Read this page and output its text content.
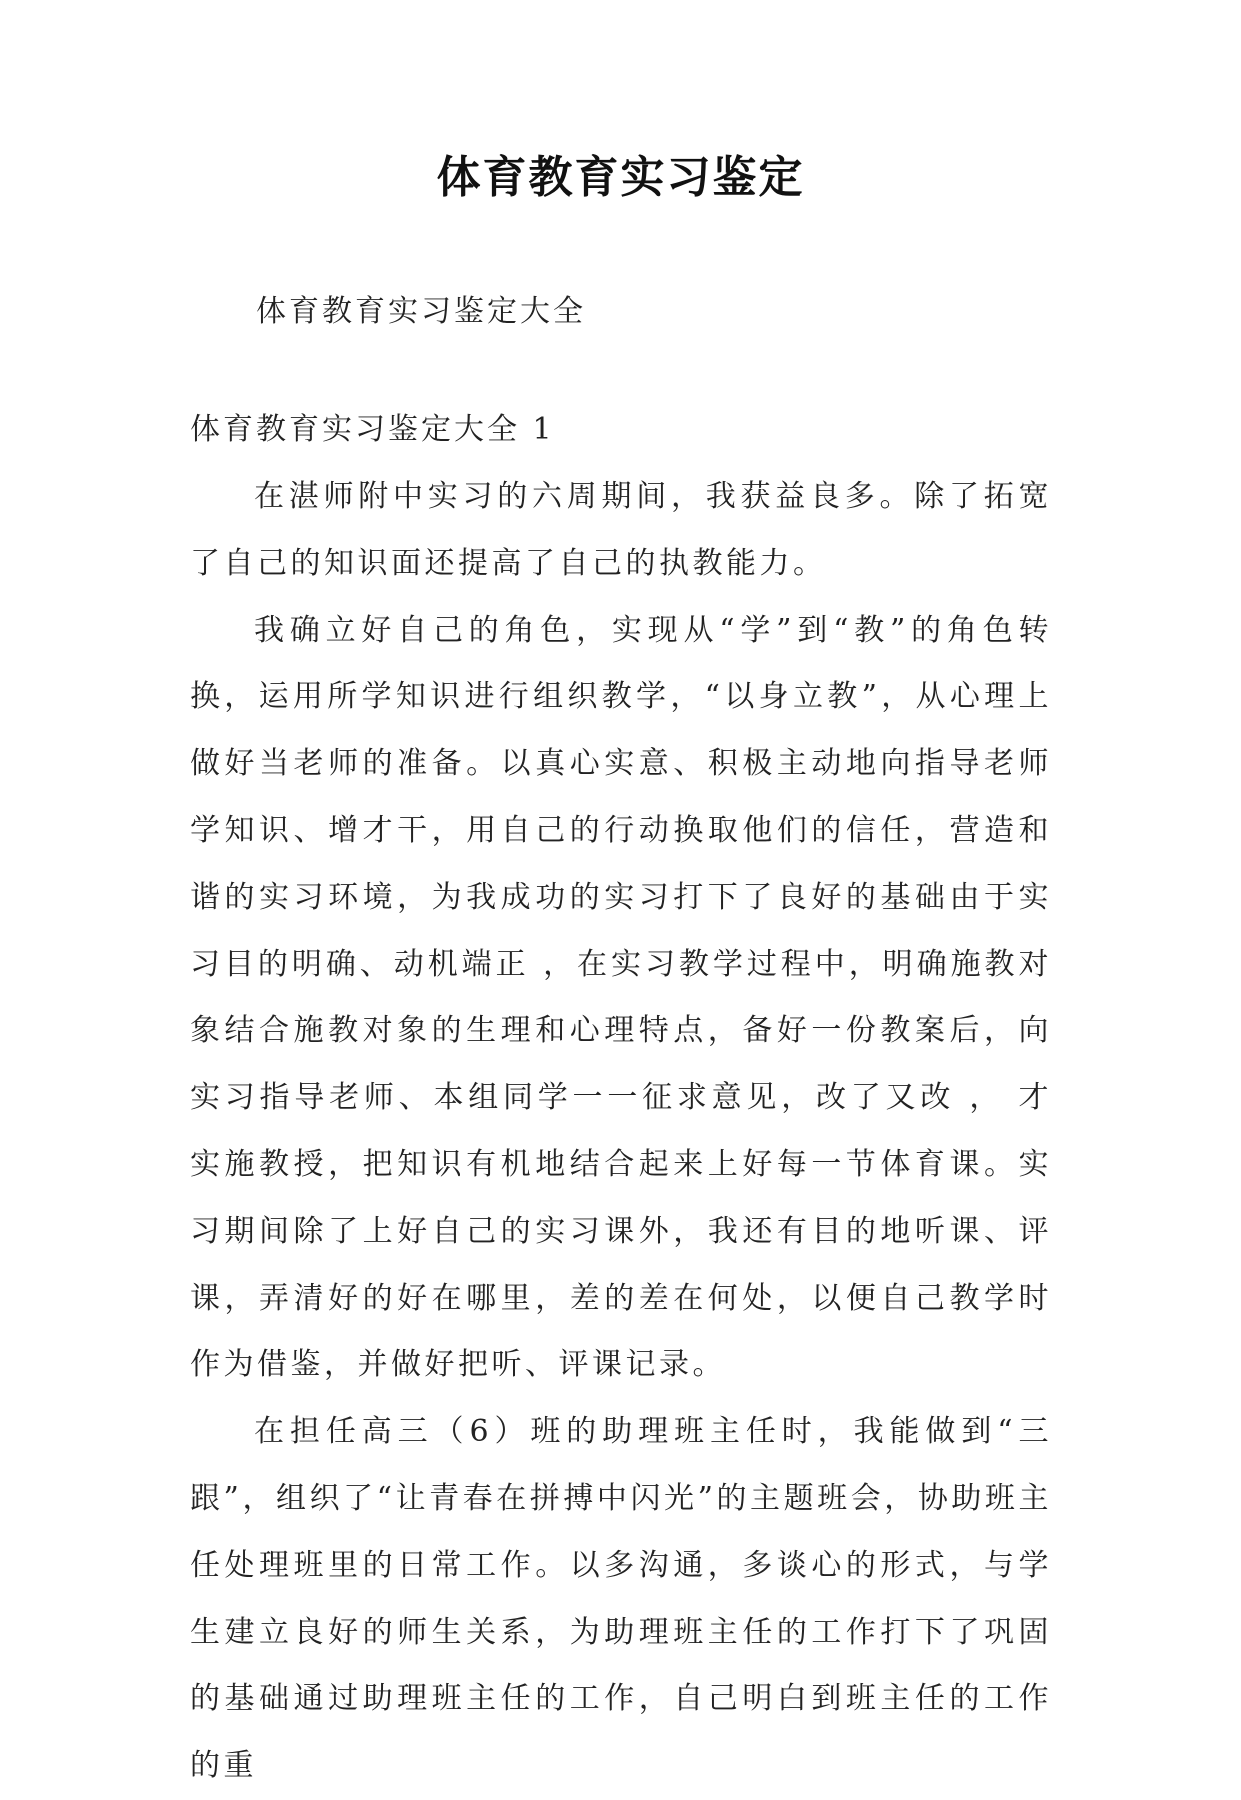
体育教育实习鉴定

体育教育实习鉴定大全

体育教育实习鉴定大全 1

在湛师附中实习的六周期间，我获益良多。除了拓宽了自己的知识面还提高了自己的执教能力。

我确立好自己的角色，实现从“学”到“教”的角色转换，运用所学知识进行组织教学，“以身立教”，从心理上做好当老师的准备。以真心实意、积极主动地向指导老师学知识、增才干，用自己的行动换取他们的信任，营造和谐的实习环境，为我成功的实习打下了良好的基础由于实习目的明确、动机端正 ，在实习教学过程中，明确施教对象结合施教对象的生理和心理特点，备好一份教案后，向实习指导老师、本组同学一一征求意见，改了又改 ， 才实施教授，把知识有机地结合起来上好每一节体育课。实习期间除了上好自己的实习课外，我还有目的地听课、评课，弄清好的好在哪里，差的差在何处，以便自己教学时作为借鉴，并做好把听、评课记录。

在担任高三（6）班的助理班主任时，我能做到“三跟”，组织了“让青春在拼搏中闪光”的主题班会，协助班主任处理班里的日常工作。以多沟通，多谈心的形式，与学生建立良好的师生关系，为助理班主任的工作打下了巩固的基础通过助理班主任的工作，自己明白到班主任的工作的重
